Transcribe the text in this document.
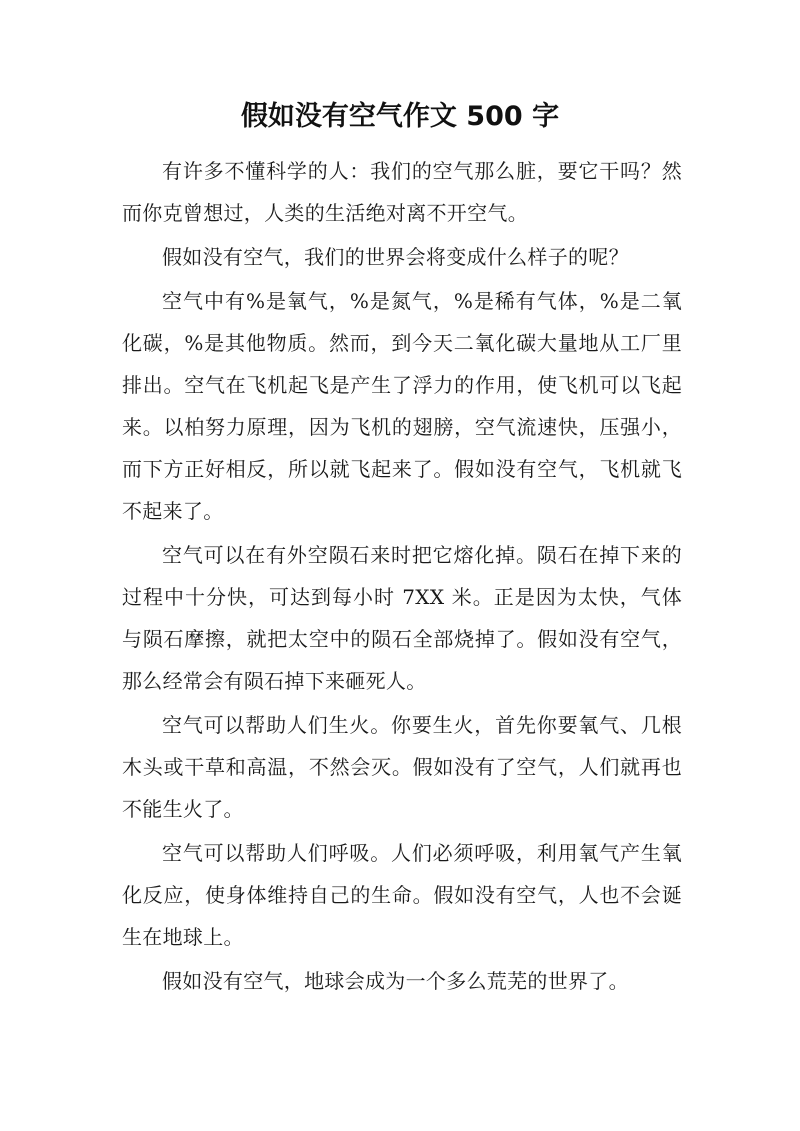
假如没有空气作文 500 字

有许多不懂科学的人：我们的空气那么脏，要它干吗？然而你克曾想过，人类的生活绝对离不开空气。

假如没有空气，我们的世界会将变成什么样子的呢？

空气中有%是氧气，%是氮气，%是稀有气体，%是二氧化碳，%是其他物质。然而，到今天二氧化碳大量地从工厂里排出。空气在飞机起飞是产生了浮力的作用，使飞机可以飞起来。以柏努力原理，因为飞机的翅膀，空气流速快，压强小，而下方正好相反，所以就飞起来了。假如没有空气，飞机就飞不起来了。

空气可以在有外空陨石来时把它熔化掉。陨石在掉下来的过程中十分快，可达到每小时 7XX 米。正是因为太快，气体与陨石摩擦，就把太空中的陨石全部烧掉了。假如没有空气，那么经常会有陨石掉下来砸死人。

空气可以帮助人们生火。你要生火，首先你要氧气、几根木头或干草和高温，不然会灭。假如没有了空气，人们就再也不能生火了。

空气可以帮助人们呼吸。人们必须呼吸，利用氧气产生氧化反应，使身体维持自己的生命。假如没有空气，人也不会诞生在地球上。

假如没有空气，地球会成为一个多么荒芜的世界了。
